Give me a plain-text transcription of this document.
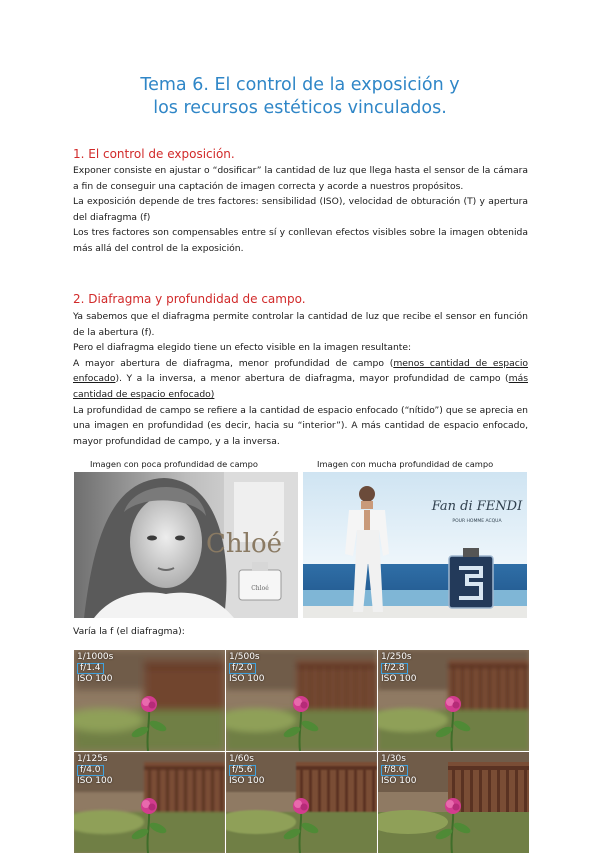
Tema 6. El control de la exposición y
los recursos estéticos vinculados.
1. El control de exposición.

Exponer consiste en ajustar o “dosificar” la cantidad de luz que llega hasta el sensor de la cámara a fin de conseguir una captación de imagen correcta y acorde a nuestros propósitos.

La exposición depende de tres factores: sensibilidad (ISO), velocidad de obturación (T) y apertura del diafragma (f)

Los tres factores son compensables entre sí y conllevan efectos visibles sobre la imagen obtenida más allá del control de la exposición.

2. Diafragma y profundidad de campo.

Ya sabemos que el diafragma permite controlar la cantidad de luz que recibe el sensor en función de la abertura (f).

Pero el diafragma elegido tiene un efecto visible en la imagen resultante:

A mayor abertura de diafragma, menor profundidad de campo (menos cantidad de espacio enfocado). Y a la inversa, a menor abertura de diafragma, mayor profundidad de campo (más cantidad de espacio enfocado)

La profundidad de campo se refiere a la cantidad de espacio enfocado (“nítido”) que se aprecia en una imagen en profundidad (es decir, hacia su “interior”). A más cantidad de espacio enfocado, mayor profundidad de campo, y a la inversa.

Imagen con poca profundidad de campo	Imagen con mucha profundidad de campo
Chloé
Chloé
Fan di FENDI
POUR HOMME ACQUA
Varía la f (el diafragma):
1/1000s
f/1.4
ISO 100
1/500s
f/2.0
ISO 100
1/250s
f/2.8
ISO 100
1/125s
f/4.0
ISO 100
1/60s
f/5.6
ISO 100
1/30s
f/8.0
ISO 100
